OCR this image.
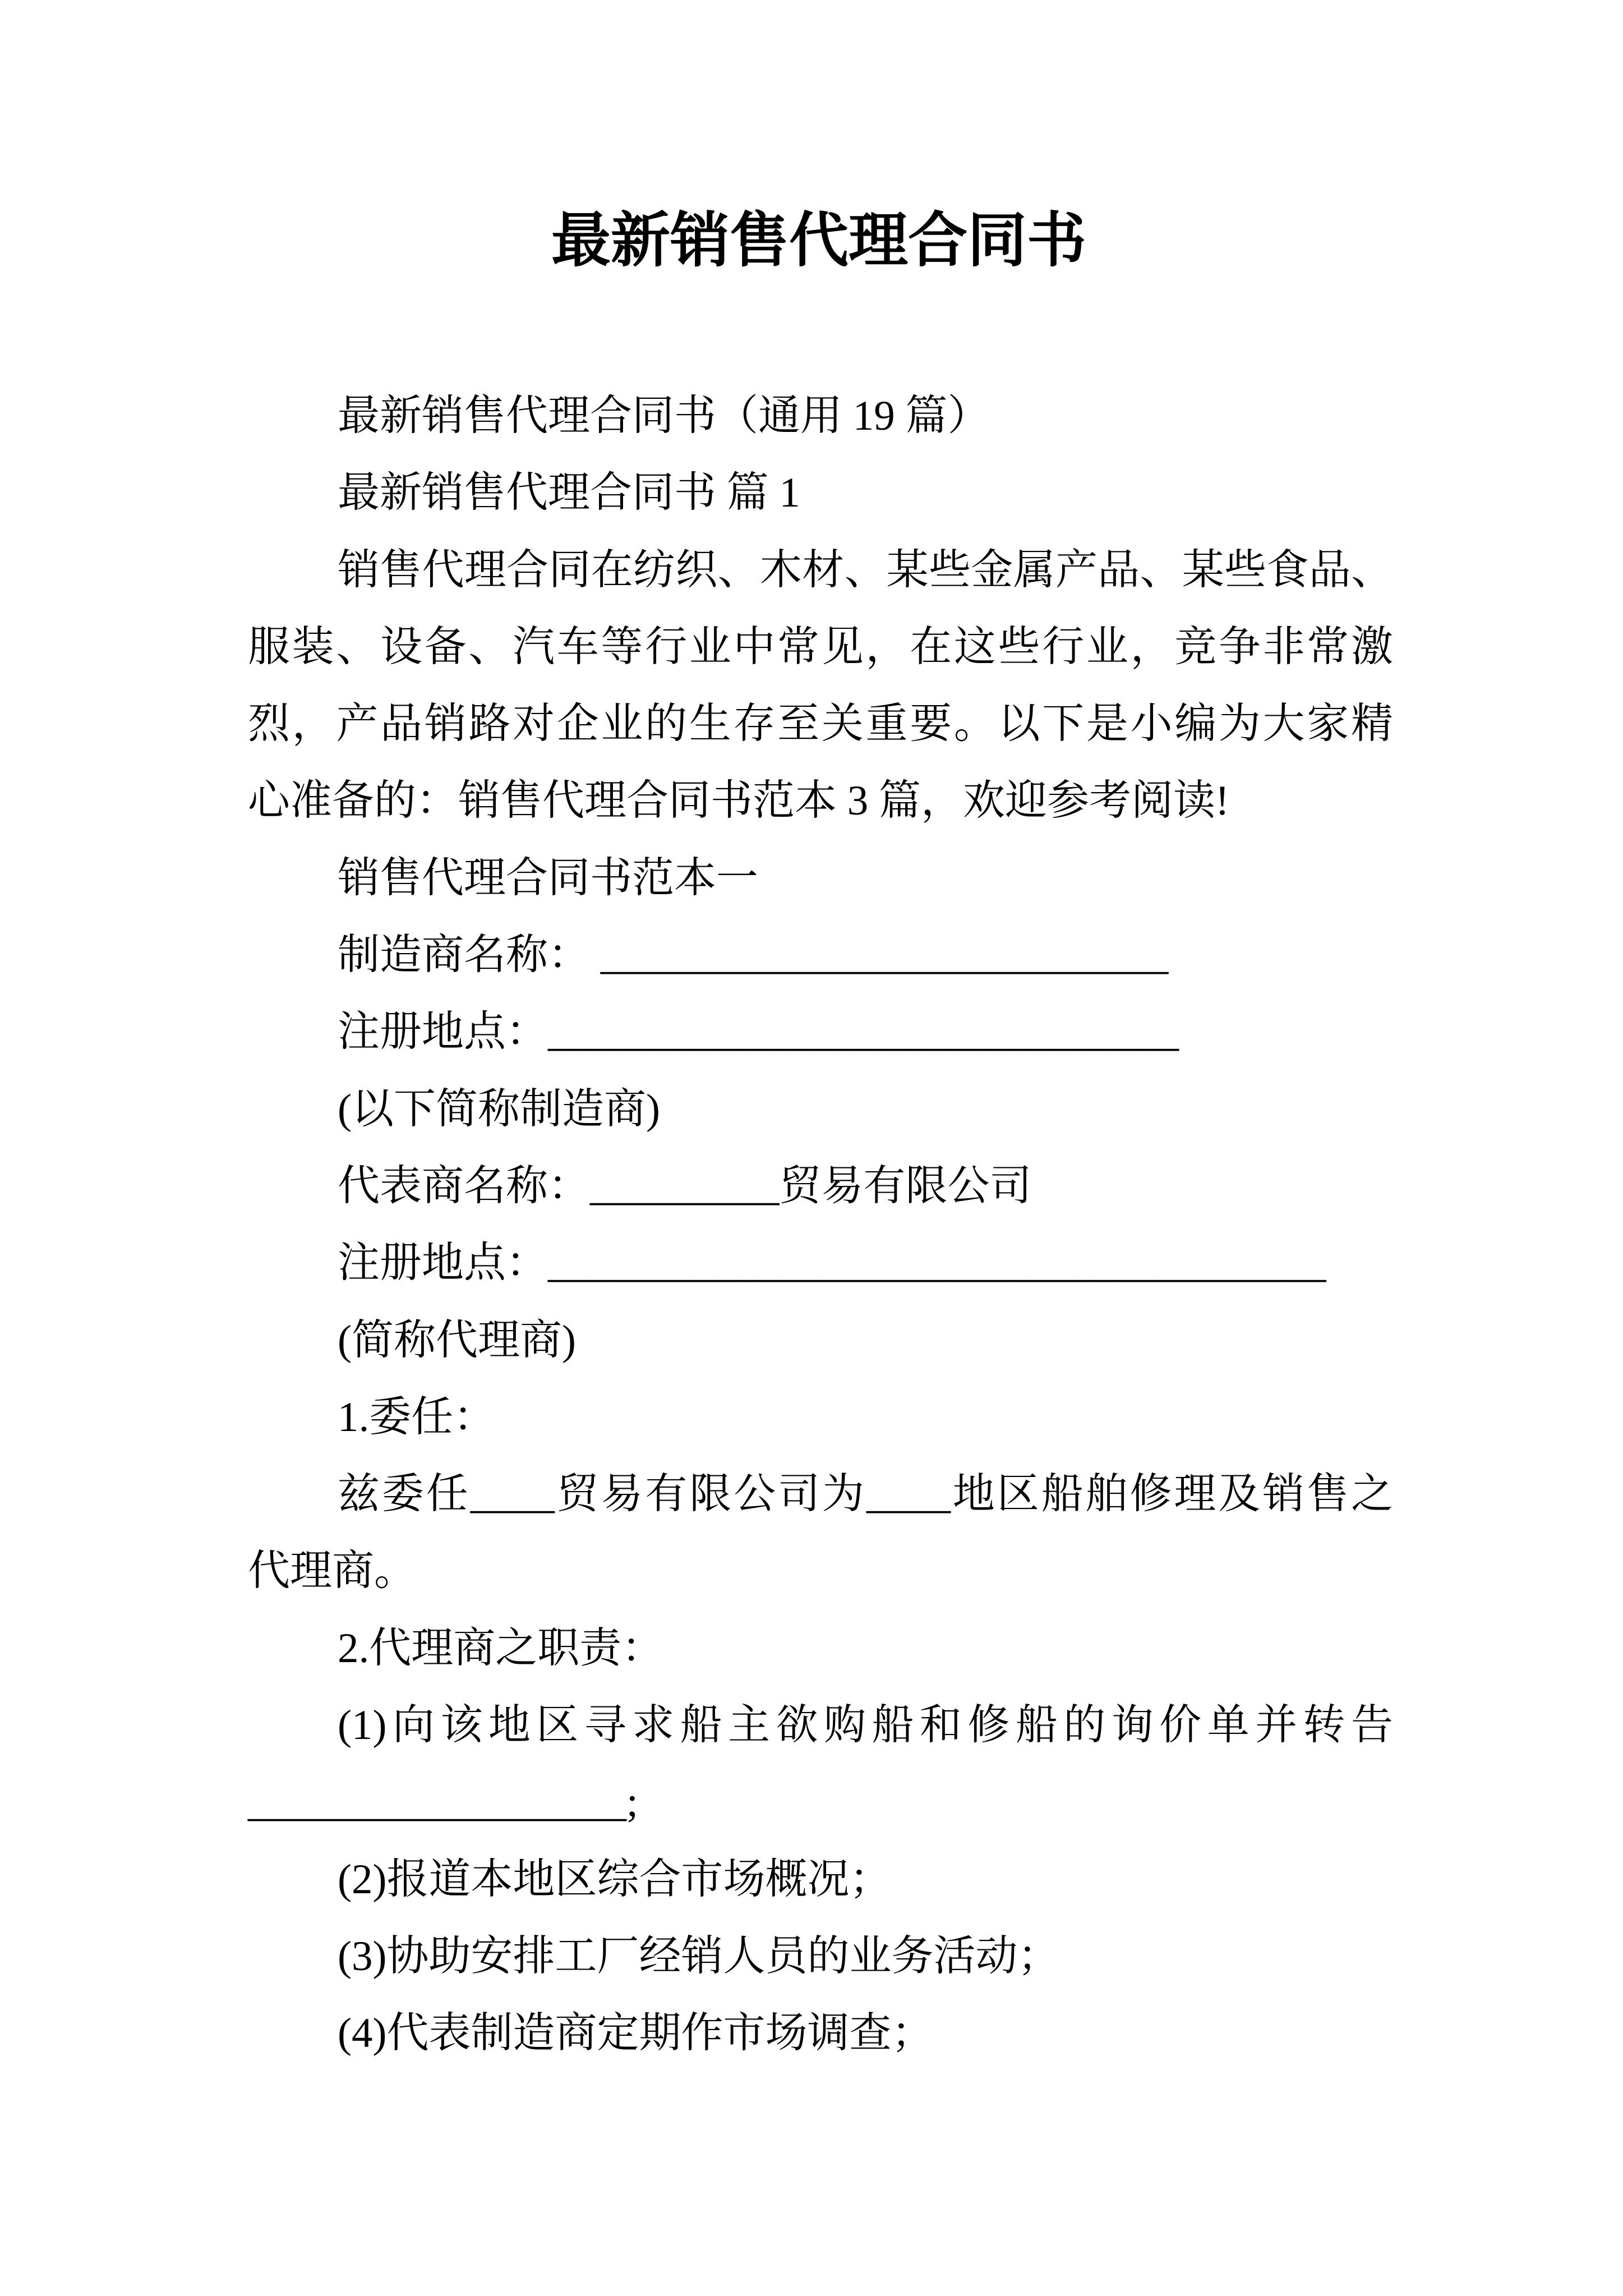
最新销售代理合同书
最新销售代理合同书（通用 19 篇）
最新销售代理合同书 篇 1
销售代理合同在纺织、木材、某些金属产品、某些食品、
服装、设备、汽车等行业中常见，在这些行业，竞争非常激
烈，产品销路对企业的生存至关重要。以下是小编为大家精
心准备的：销售代理合同书范本 3 篇，欢迎参考阅读!
销售代理合同书范本一
制造商名称： ___________________________
注册地点：______________________________
(以下简称制造商)
代表商名称：_________贸易有限公司
注册地点：_____________________________________
(简称代理商)
1.委任：
兹委任____贸易有限公司为____地区船舶修理及销售之
代理商。
2.代理商之职责：
(1)向该地区寻求船主欲购船和修船的询价单并转告
__________________;
(2)报道本地区综合市场概况；
(3)协助安排工厂经销人员的业务活动；
(4)代表制造商定期作市场调查；
